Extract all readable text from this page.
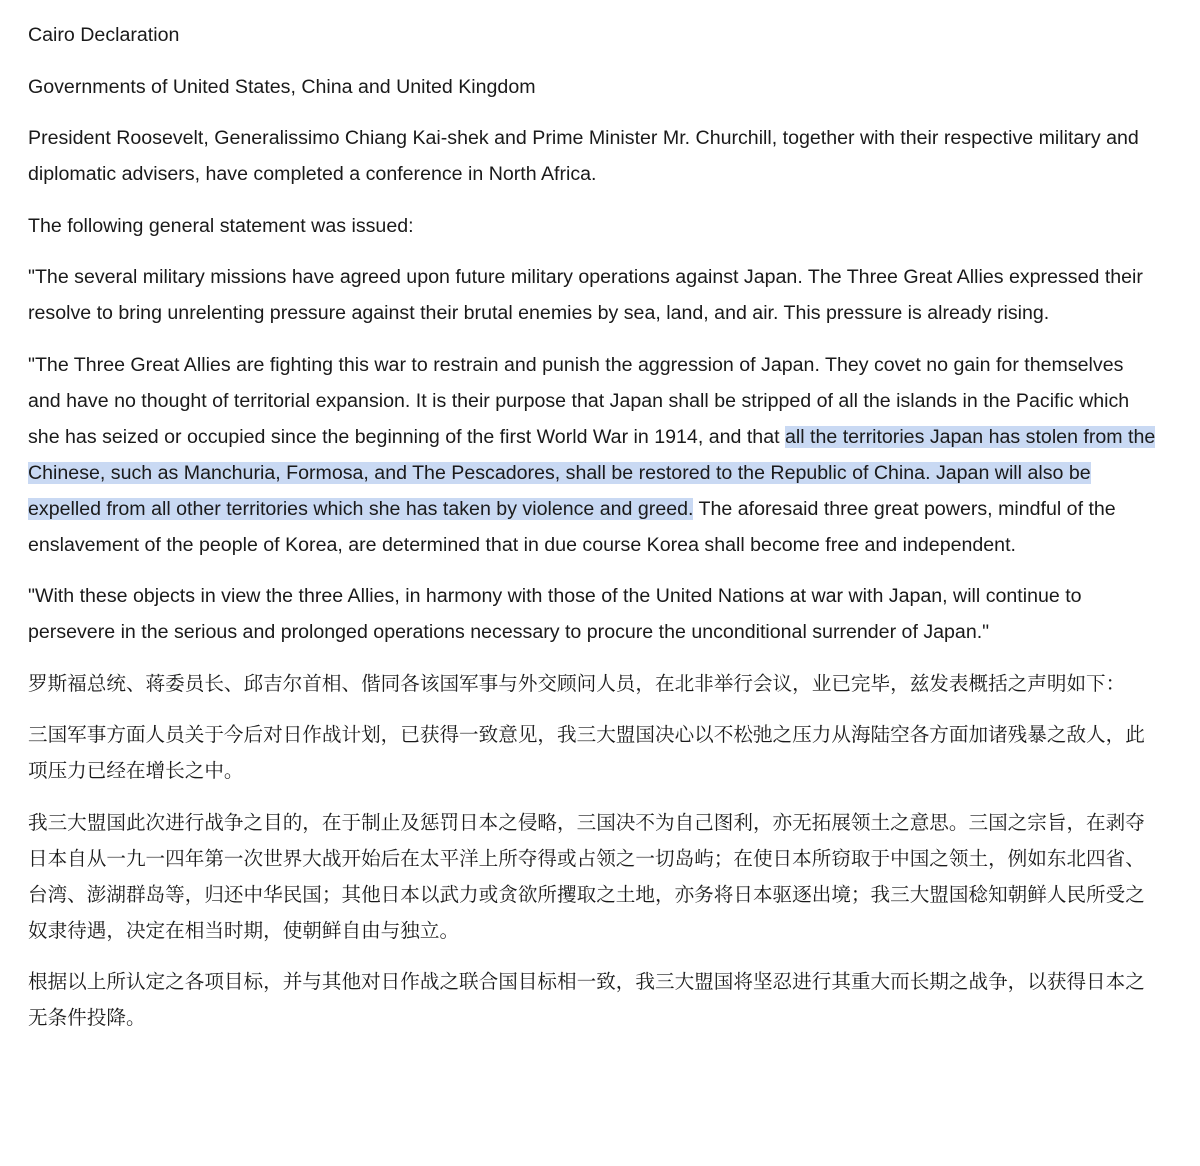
Cairo Declaration

Governments of United States, China and United Kingdom

President Roosevelt, Generalissimo Chiang Kai-shek and Prime Minister Mr. Churchill, together with their respective military and diplomatic advisers, have completed a conference in North Africa.

The following general statement was issued:

"The several military missions have agreed upon future military operations against Japan. The Three Great Allies expressed their resolve to bring unrelenting pressure against their brutal enemies by sea, land, and air. This pressure is already rising.

"The Three Great Allies are fighting this war to restrain and punish the aggression of Japan. They covet no gain for themselves and have no thought of territorial expansion. It is their purpose that Japan shall be stripped of all the islands in the Pacific which she has seized or occupied since the beginning of the first World War in 1914, and that all the territories Japan has stolen from the Chinese, such as Manchuria, Formosa, and The Pescadores, shall be restored to the Republic of China. Japan will also be expelled from all other territories which she has taken by violence and greed. The aforesaid three great powers, mindful of the enslavement of the people of Korea, are determined that in due course Korea shall become free and independent.

"With these objects in view the three Allies, in harmony with those of the United Nations at war with Japan, will continue to persevere in the serious and prolonged operations necessary to procure the unconditional surrender of Japan."

罗斯福总统、蒋委员长、邱吉尔首相、偕同各该国军事与外交顾问人员，在北非举行会议，业已完毕，兹发表概括之声明如下：

三国军事方面人员关于今后对日作战计划，已获得一致意见，我三大盟国决心以不松弛之压力从海陆空各方面加诸残暴之敌人，此项压力已经在增长之中。

我三大盟国此次进行战争之目的，在于制止及惩罚日本之侵略，三国决不为自己图利，亦无拓展领土之意思。三国之宗旨，在剥夺日本自从一九一四年第一次世界大战开始后在太平洋上所夺得或占领之一切岛屿；在使日本所窃取于中国之领土，例如东北四省、台湾、澎湖群岛等，归还中华民国；其他日本以武力或贪欲所攫取之土地，亦务将日本驱逐出境；我三大盟国稔知朝鲜人民所受之奴隶待遇，决定在相当时期，使朝鲜自由与独立。

根据以上所认定之各项目标，并与其他对日作战之联合国目标相一致，我三大盟国将坚忍进行其重大而长期之战争，以获得日本之无条件投降。
